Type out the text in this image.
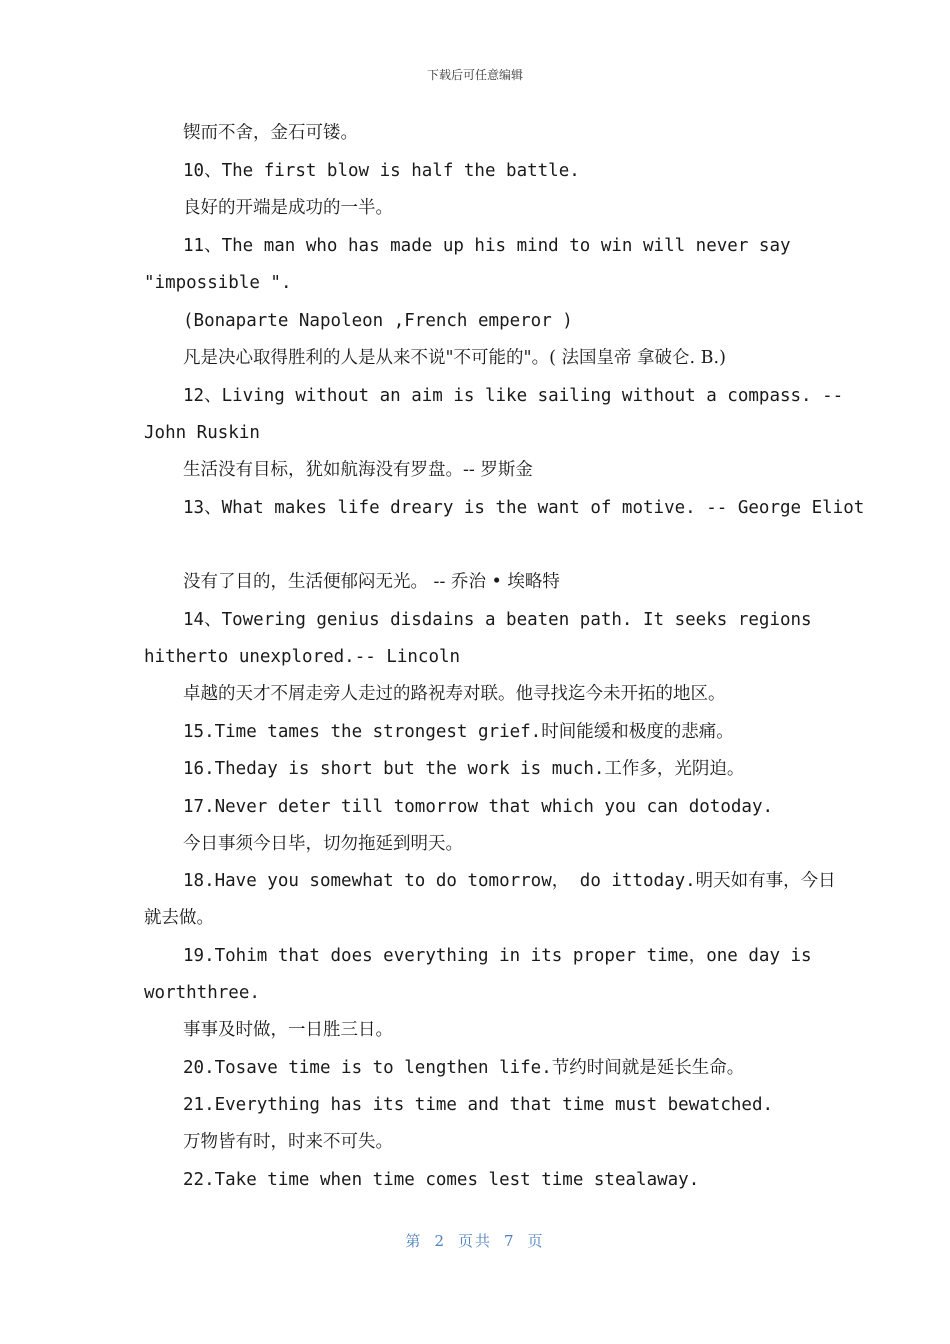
下载后可任意编辑
锲而不舍，金石可镂。
10、The first blow is half the battle.
良好的开端是成功的一半。
11、The man who has made up his mind to win will never say
"impossible ".
(Bonaparte Napoleon ,French emperor )
凡是决心取得胜利的人是从来不说"不可能的"。( 法国皇帝 拿破仑. B.)
12、Living without an aim is like sailing without a compass. --
John Ruskin
生活没有目标，犹如航海没有罗盘。-- 罗斯金
13、What makes life dreary is the want of motive. -- George Eliot
没有了目的，生活便郁闷无光。 -- 乔治 • 埃略特
14、Towering genius disdains a beaten path. It seeks regions
hitherto unexplored.-- Lincoln
卓越的天才不屑走旁人走过的路祝寿对联。他寻找迄今未开拓的地区。
15.Time tames the strongest grief.时间能缓和极度的悲痛。
16.Theday is short but the work is much.工作多，光阴迫。
17.Never deter till tomorrow that which you can dotoday.
今日事须今日毕，切勿拖延到明天。
18.Have you somewhat to do tomorrow， do ittoday.明天如有事，今日
就去做。
19.Tohim that does everything in its proper time，one day is
worththree.
事事及时做，一日胜三日。
20.Tosave time is to lengthen life.节约时间就是延长生命。
21.Everything has its time and that time must bewatched.
万物皆有时，时来不可失。
22.Take time when time comes lest time stealaway.
第 2 页共 7 页
